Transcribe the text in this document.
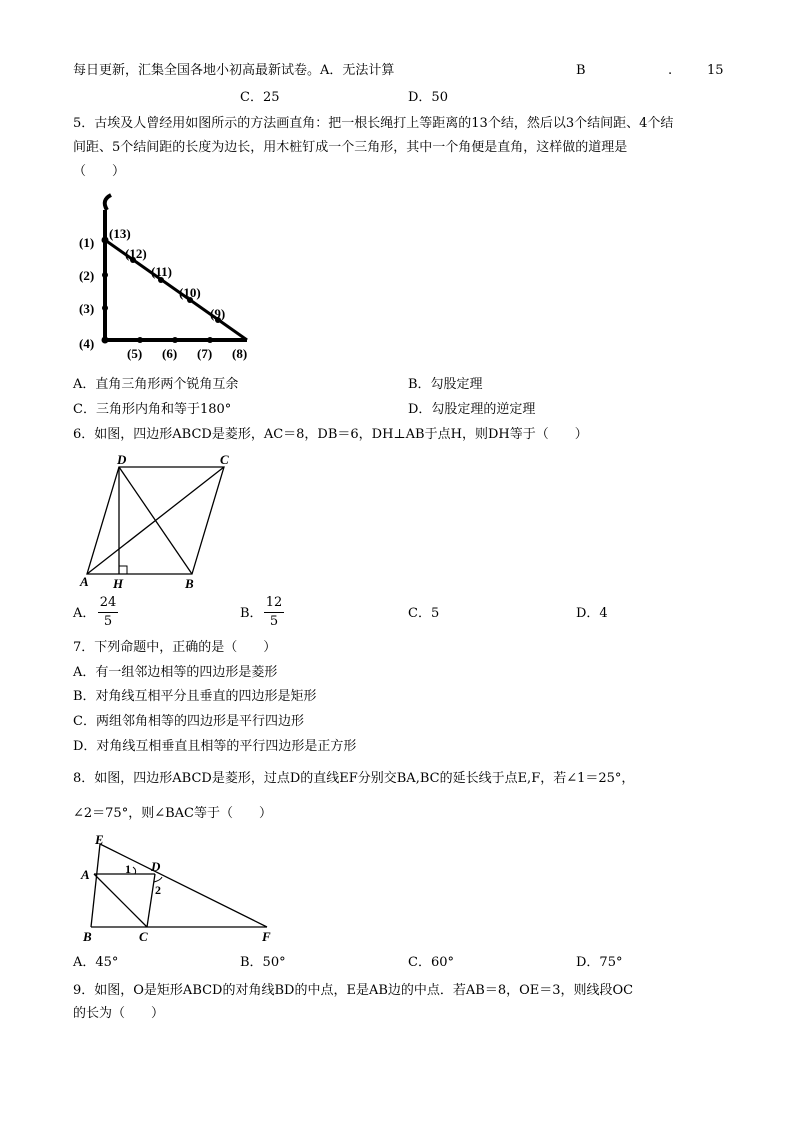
每日更新，汇集全国各地小初高最新试卷。A．无法计算	B	.	15
C．25	D．50
5．古埃及人曾经用如图所示的方法画直角：把一根长绳打上等距离的13个结，然后以3个结间距、4个结
间距、5个结间距的长度为边长，用木桩钉成一个三角形，其中一个角便是直角，这样做的道理是
（　　）
(1)
(13)
(12)
(11)
(10)
(9)
(2)
(3)
(4)
(5) (6) (7) (8)
A．直角三角形两个锐角互余	B．勾股定理
C．三角形内角和等于180°	D．勾股定理的逆定理
6．如图，四边形ABCD是菱形，AC＝8，DB＝6，DH⊥AB于点H，则DH等于（　　）
D	C
A H	B
A．
24
5
B．
12
5
C．5	D．4
7．下列命题中，正确的是（　　）
A．有一组邻边相等的四边形是菱形
B．对角线互相平分且垂直的四边形是矩形
C．两组邻角相等的四边形是平行四边形
D．对角线互相垂直且相等的平行四边形是正方形
8．如图，四边形ABCD是菱形，过点D的直线EF分别交BA,BC的延长线于点E,F，若∠1＝25°，
∠2＝75°，则∠BAC等于（　　）
E
A
D
1
2
B	C	F
A．45°	B．50°	C．60°	D．75°
9．如图，O是矩形ABCD的对角线BD的中点，E是AB边的中点．若AB＝8，OE＝3，则线段OC
的长为（　　）
